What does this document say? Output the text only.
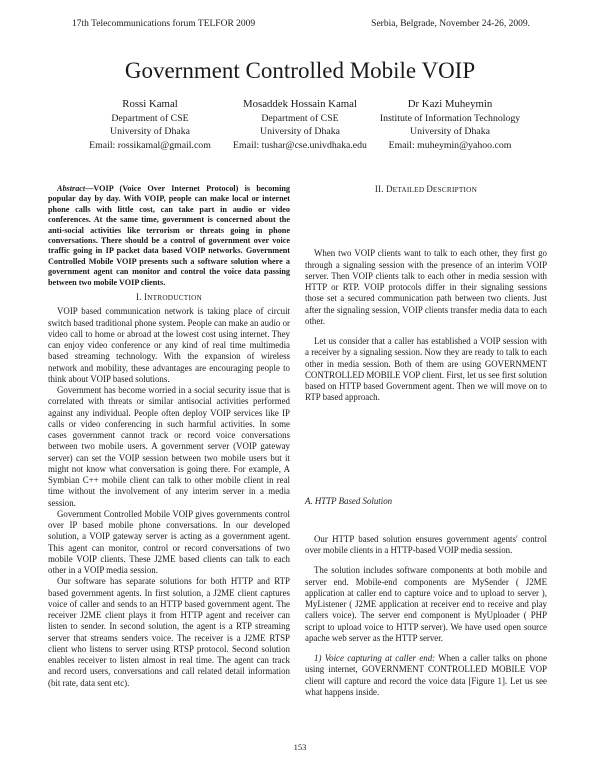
17th Telecommunications forum TELFOR 2009	Serbia, Belgrade, November 24-26, 2009.
Government Controlled Mobile VOIP
Rossi Kamal
Department of CSE
University of Dhaka
Email: rossikamal@gmail.com
Mosaddek Hossain Kamal
Department of CSE
University of Dhaka
Email: tushar@cse.univdhaka.edu
Dr Kazi Muheymin
Institute of Information Technology
University of Dhaka
Email: muheymin@yahoo.com

Abstract—VOIP (Voice Over Internet Protocol) is becoming popular day by day. With VOIP, people can make local or internet phone calls with little cost, can take part in audio or video conferences. At the same time, government is concerned about the anti-social activities like terrorism or threats going in phone conversations. There should be a control of government over voice traffic going in IP packet data based VOIP networks. Government Controlled Mobile VOIP presents such a software solution where a government agent can monitor and control the voice data passing between two mobile VOIP clients.

I. INTRODUCTION

VOIP based communication network is taking place of circuit switch based traditional phone system. People can make an audio or video call to home or abroad at the lowest cost using internet. They can enjoy video conference or any kind of real time multimedia based streaming technology. With the expansion of wireless network and mobility, these advantages are encouraging people to think about VOIP based solutions.

Government has become worried in a social security issue that is correlated with threats or similar antisocial activities performed against any individual. People often deploy VOIP services like IP calls or video conferencing in such harmful activities. In some cases government cannot track or record voice conversations between two mobile users. A government server (VOIP gateway server) can set the VOIP session between two mobile users but it might not know what conversation is going there. For example, A Symbian C++ mobile client can talk to other mobile client in real time without the involvement of any interim server in a media session.

Government Controlled Mobile VOIP gives governments control over IP based mobile phone conversations. In our developed solution, a VOIP gateway server is acting as a government agent. This agent can monitor, control or record conversations of two mobile VOIP clients. These J2ME based clients can talk to each other in a VOIP media session.

Our software has separate solutions for both HTTP and RTP based government agents. In first solution, a J2ME client captures voice of caller and sends to an HTTP based government agent. The receiver J2ME client plays it from HTTP agent and receiver can listen to sender. In second solution, the agent is a RTP streaming server that streams senders voice. The receiver is a J2ME RTSP client who listens to server using RTSP protocol. Second solution enables receiver to listen almost in real time. The agent can track and record users, conversations and call related detail information (bit rate, data sent etc).

II. DETAILED DESCRIPTION

When two VOIP clients want to talk to each other, they first go through a signaling session with the presence of an interim VOIP server. Then VOIP clients talk to each other in media session with HTTP or RTP. VOIP protocols differ in their signaling sessions those set a secured communication path between two clients. Just after the signaling session, VOIP clients transfer media data to each other.

Let us consider that a caller has established a VOIP session with a receiver by a signaling session. Now they are ready to talk to each other in media session. Both of them are using GOVERNMENT CONTROLLED MOBILE VOP client. First, let us see first solution based on HTTP based Government agent. Then we will move on to RTP based approach.

A. HTTP Based Solution

Our HTTP based solution ensures government agents' control over mobile clients in a HTTP-based VOIP media session.

The solution includes software components at both mobile and server end. Mobile-end components are MySender ( J2ME application at caller end to capture voice and to upload to server ), MyListener ( J2ME application at receiver end to receive and play callers voice). The server end component is MyUploader ( PHP script to upload voice to HTTP server). We have used open source apache web server as the HTTP server.

1) Voice capturing at caller end: When a caller talks on phone using internet, GOVERNMENT CONTROLLED MOBILE VOP client will capture and record the voice data [Figure 1]. Let us see what happens inside.

153
